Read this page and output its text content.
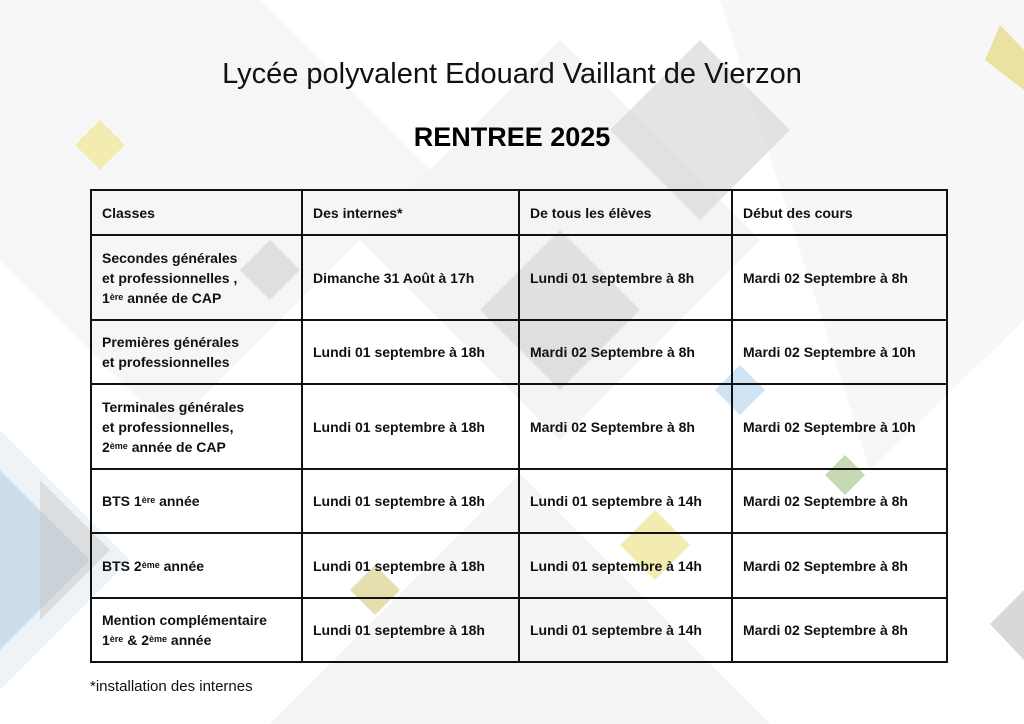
Lycée polyvalent Edouard Vaillant de Vierzon
RENTREE 2025
Classes	Des internes*	De tous les élèves	Début des cours

Secondes générales
et professionnelles ,
1ère année de CAP	Dimanche 31 Août à 17h	Lundi 01 septembre à 8h	Mardi 02 Septembre à 8h

Premières générales
et professionnelles	Lundi 01 septembre à 18h	Mardi 02 Septembre à 8h	Mardi 02 Septembre à 10h

Terminales générales
et professionnelles,
2ème année de CAP	Lundi 01 septembre à 18h	Mardi 02 Septembre à 8h	Mardi 02 Septembre à 10h

BTS 1ère année	Lundi 01 septembre à 18h	Lundi 01 septembre à 14h	Mardi 02 Septembre à 8h

BTS 2ème année	Lundi 01 septembre à 18h	Lundi 01 septembre à 14h	Mardi 02 Septembre à 8h

Mention complémentaire
1ère & 2ème année	Lundi 01 septembre à 18h	Lundi 01 septembre à 14h	Mardi 02 Septembre à 8h
*installation des internes
